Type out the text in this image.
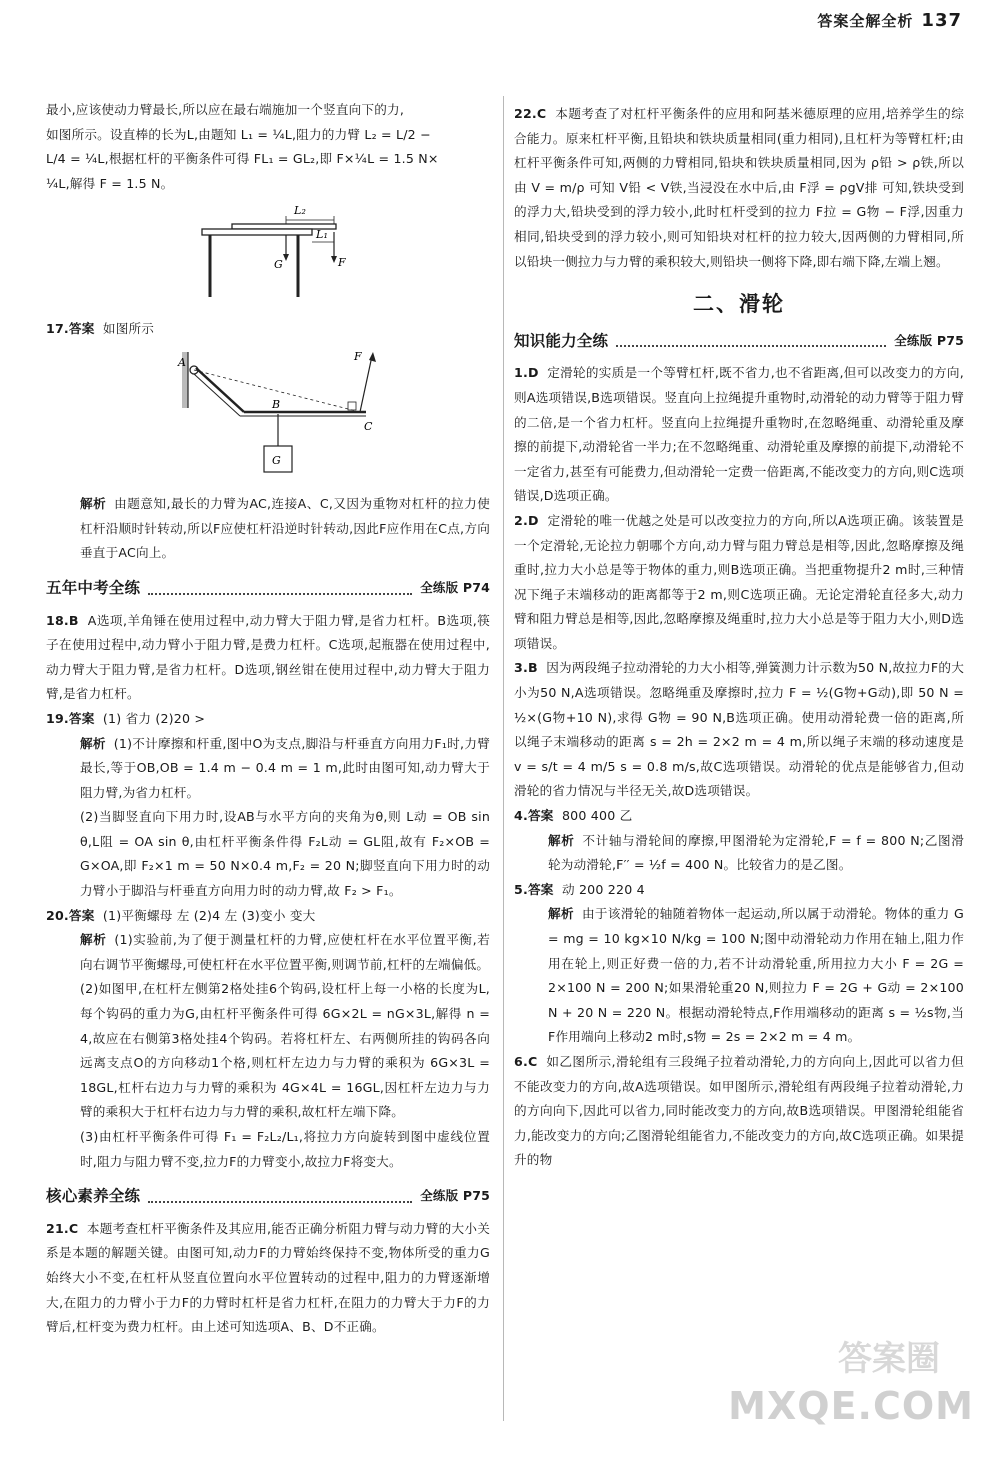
答案全解全析 137

最小,应该使动力臂最长,所以应在最右端施加一个竖直向下的力,

如图所示。设直棒的长为L,由题知 L₁ = ¼L,阻力的力臂 L₂ = L/2 −

L/4 = ¼L,根据杠杆的平衡条件可得 FL₁ = GL₂,即 F×¼L = 1.5 N×

¼L,解得 F = 1.5 N。

L₂
G
L₁
F

17.答案 如图所示

A	F
C
B
G

解析 由题意知,最长的力臂为AC,连接A、C,又因为重物对杠杆的拉力使杠杆沿顺时针转动,所以F应使杠杆沿逆时针转动,因此F应作用在C点,方向垂直于AC向上。

五年中考全练	全练版 P74

18.B A选项,羊角锤在使用过程中,动力臂大于阻力臂,是省力杠杆。B选项,筷子在使用过程中,动力臂小于阻力臂,是费力杠杆。C选项,起瓶器在使用过程中,动力臂大于阻力臂,是省力杠杆。D选项,钢丝钳在使用过程中,动力臂大于阻力臂,是省力杠杆。

19.答案 (1) 省力 (2)20 >

解析 (1)不计摩擦和杆重,图中O为支点,脚沿与杆垂直方向用力F₁时,力臂最长,等于OB,OB = 1.4 m − 0.4 m = 1 m,此时由图可知,动力臂大于阻力臂,为省力杠杆。

(2)当脚竖直向下用力时,设AB与水平方向的夹角为θ,则 L动 = OB sin θ,L阻 = OA sin θ,由杠杆平衡条件得 F₂L动 = GL阻,故有 F₂×OB = G×OA,即 F₂×1 m = 50 N×0.4 m,F₂ = 20 N;脚竖直向下用力时的动力臂小于脚沿与杆垂直方向用力时的动力臂,故 F₂ > F₁。

20.答案 (1)平衡螺母 左 (2)4 左 (3)变小 变大

解析 (1)实验前,为了便于测量杠杆的力臂,应使杠杆在水平位置平衡,若向右调节平衡螺母,可使杠杆在水平位置平衡,则调节前,杠杆的左端偏低。

(2)如图甲,在杠杆左侧第2格处挂6个钩码,设杠杆上每一小格的长度为L,每个钩码的重力为G,由杠杆平衡条件可得 6G×2L = nG×3L,解得 n = 4,故应在右侧第3格处挂4个钩码。若将杠杆左、右两侧所挂的钩码各向远离支点O的方向移动1个格,则杠杆左边力与力臂的乘积为 6G×3L = 18GL,杠杆右边力与力臂的乘积为 4G×4L = 16GL,因杠杆左边力与力臂的乘积大于杠杆右边力与力臂的乘积,故杠杆左端下降。

(3)由杠杆平衡条件可得 F₁ = F₂L₂/L₁,将拉力方向旋转到图中虚线位置时,阻力与阻力臂不变,拉力F的力臂变小,故拉力F将变大。

核心素养全练	全练版 P75

21.C 本题考查杠杆平衡条件及其应用,能否正确分析阻力臂与动力臂的大小关系是本题的解题关键。由图可知,动力F的力臂始终保持不变,物体所受的重力G始终大小不变,在杠杆从竖直位置向水平位置转动的过程中,阻力的力臂逐渐增大,在阻力的力臂小于力F的力臂时杠杆是省力杠杆,在阻力的力臂大于力F的力臂后,杠杆变为费力杠杆。由上述可知选项A、B、D不正确。

22.C 本题考查了对杠杆平衡条件的应用和阿基米德原理的应用,培养学生的综合能力。原来杠杆平衡,且铅块和铁块质量相同(重力相同),且杠杆为等臂杠杆;由杠杆平衡条件可知,两侧的力臂相同,铅块和铁块质量相同,因为 ρ铅 > ρ铁,所以由 V = m/ρ 可知 V铅 < V铁,当浸没在水中后,由 F浮 = ρgV排 可知,铁块受到的浮力大,铅块受到的浮力较小,此时杠杆受到的拉力 F拉 = G物 − F浮,因重力相同,铅块受到的浮力较小,则可知铅块对杠杆的拉力较大,因两侧的力臂相同,所以铅块一侧拉力与力臂的乘积较大,则铅块一侧将下降,即右端下降,左端上翘。

二、滑轮
知识能力全练	全练版 P75

1.D 定滑轮的实质是一个等臂杠杆,既不省力,也不省距离,但可以改变力的方向,则A选项错误,B选项错误。竖直向上拉绳提升重物时,动滑轮的动力臂等于阻力臂的二倍,是一个省力杠杆。竖直向上拉绳提升重物时,在忽略绳重、动滑轮重及摩擦的前提下,动滑轮省一半力;在不忽略绳重、动滑轮重及摩擦的前提下,动滑轮不一定省力,甚至有可能费力,但动滑轮一定费一倍距离,不能改变力的方向,则C选项错误,D选项正确。

2.D 定滑轮的唯一优越之处是可以改变拉力的方向,所以A选项正确。该装置是一个定滑轮,无论拉力朝哪个方向,动力臂与阻力臂总是相等,因此,忽略摩擦及绳重时,拉力大小总是等于物体的重力,则B选项正确。当把重物提升2 m时,三种情况下绳子末端移动的距离都等于2 m,则C选项正确。无论定滑轮直径多大,动力臂和阻力臂总是相等,因此,忽略摩擦及绳重时,拉力大小总是等于阻力大小,则D选项错误。

3.B 因为两段绳子拉动滑轮的力大小相等,弹簧测力计示数为50 N,故拉力F的大小为50 N,A选项错误。忽略绳重及摩擦时,拉力 F = ½(G物+G动),即 50 N = ½×(G物+10 N),求得 G物 = 90 N,B选项正确。使用动滑轮费一倍的距离,所以绳子末端移动的距离 s = 2h = 2×2 m = 4 m,所以绳子末端的移动速度是 v = s/t = 4 m/5 s = 0.8 m/s,故C选项错误。动滑轮的优点是能够省力,但动滑轮的省力情况与半径无关,故D选项错误。

4.答案 800 400 乙

解析 不计轴与滑轮间的摩擦,甲图滑轮为定滑轮,F = f = 800 N;乙图滑轮为动滑轮,F′′ = ½f = 400 N。比较省力的是乙图。

5.答案 动 200 220 4

解析 由于该滑轮的轴随着物体一起运动,所以属于动滑轮。物体的重力 G = mg = 10 kg×10 N/kg = 100 N;图中动滑轮动力作用在轴上,阻力作用在轮上,则正好费一倍的力,若不计动滑轮重,所用拉力大小 F = 2G = 2×100 N = 200 N;如果滑轮重20 N,则拉力 F = 2G + G动 = 2×100 N + 20 N = 220 N。根据动滑轮特点,F作用端移动的距离 s = ½s物,当F作用端向上移动2 m时,s物 = 2s = 2×2 m = 4 m。

6.C 如乙图所示,滑轮组有三段绳子拉着动滑轮,力的方向向上,因此可以省力但不能改变力的方向,故A选项错误。如甲图所示,滑轮组有两段绳子拉着动滑轮,力的方向向下,因此可以省力,同时能改变力的方向,故B选项错误。甲图滑轮组能省力,能改变力的方向;乙图滑轮组能省力,不能改变力的方向,故C选项正确。如果提升的物

答案圈
MXQE.COM
